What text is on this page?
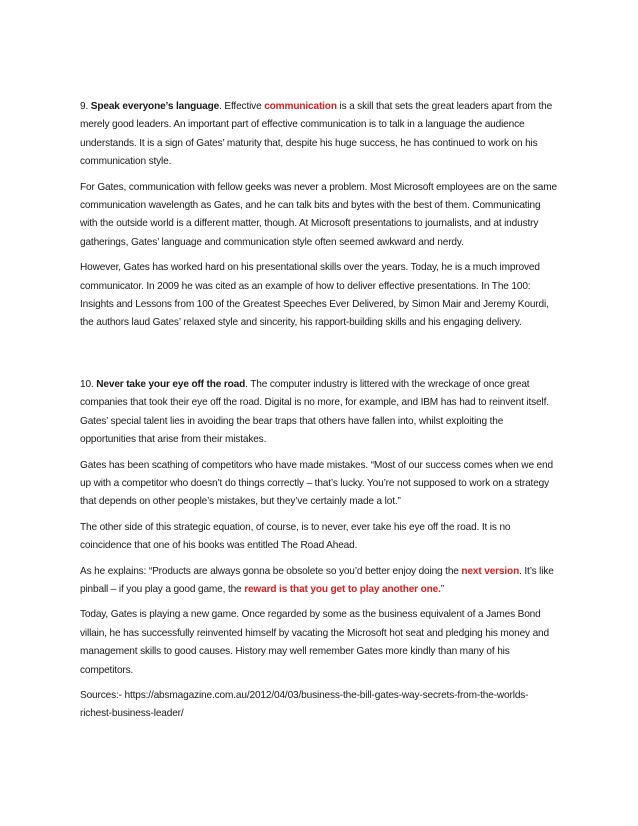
9. Speak everyone’s language. Effective communication is a skill that sets the great leaders apart from the merely good leaders. An important part of effective communication is to talk in a language the audience understands. It is a sign of Gates’ maturity that, despite his huge success, he has continued to work on his communication style.

For Gates, communication with fellow geeks was never a problem. Most Microsoft employees are on the same communication wavelength as Gates, and he can talk bits and bytes with the best of them. Communicating with the outside world is a different matter, though. At Microsoft presentations to journalists, and at industry gatherings, Gates’ language and communication style often seemed awkward and nerdy.

However, Gates has worked hard on his presentational skills over the years. Today, he is a much improved communicator. In 2009 he was cited as an example of how to deliver effective presentations. In The 100: Insights and Lessons from 100 of the Greatest Speeches Ever Delivered, by Simon Mair and Jeremy Kourdi, the authors laud Gates’ relaxed style and sincerity, his rapport-building skills and his engaging delivery.

10. Never take your eye off the road. The computer industry is littered with the wreckage of once great companies that took their eye off the road. Digital is no more, for example, and IBM has had to reinvent itself. Gates’ special talent lies in avoiding the bear traps that others have fallen into, whilst exploiting the opportunities that arise from their mistakes.

Gates has been scathing of competitors who have made mistakes. “Most of our success comes when we end up with a competitor who doesn’t do things correctly – that’s lucky. You’re not supposed to work on a strategy that depends on other people’s mistakes, but they’ve certainly made a lot.”

The other side of this strategic equation, of course, is to never, ever take his eye off the road. It is no coincidence that one of his books was entitled The Road Ahead.

As he explains: “Products are always gonna be obsolete so you’d better enjoy doing the next version. It’s like pinball – if you play a good game, the reward is that you get to play another one.”

Today, Gates is playing a new game. Once regarded by some as the business equivalent of a James Bond villain, he has successfully reinvented himself by vacating the Microsoft hot seat and pledging his money and management skills to good causes. History may well remember Gates more kindly than many of his competitors.

Sources:- https://absmagazine.com.au/2012/04/03/business-the-bill-gates-way-secrets-from-the-worlds-richest-business-leader/
